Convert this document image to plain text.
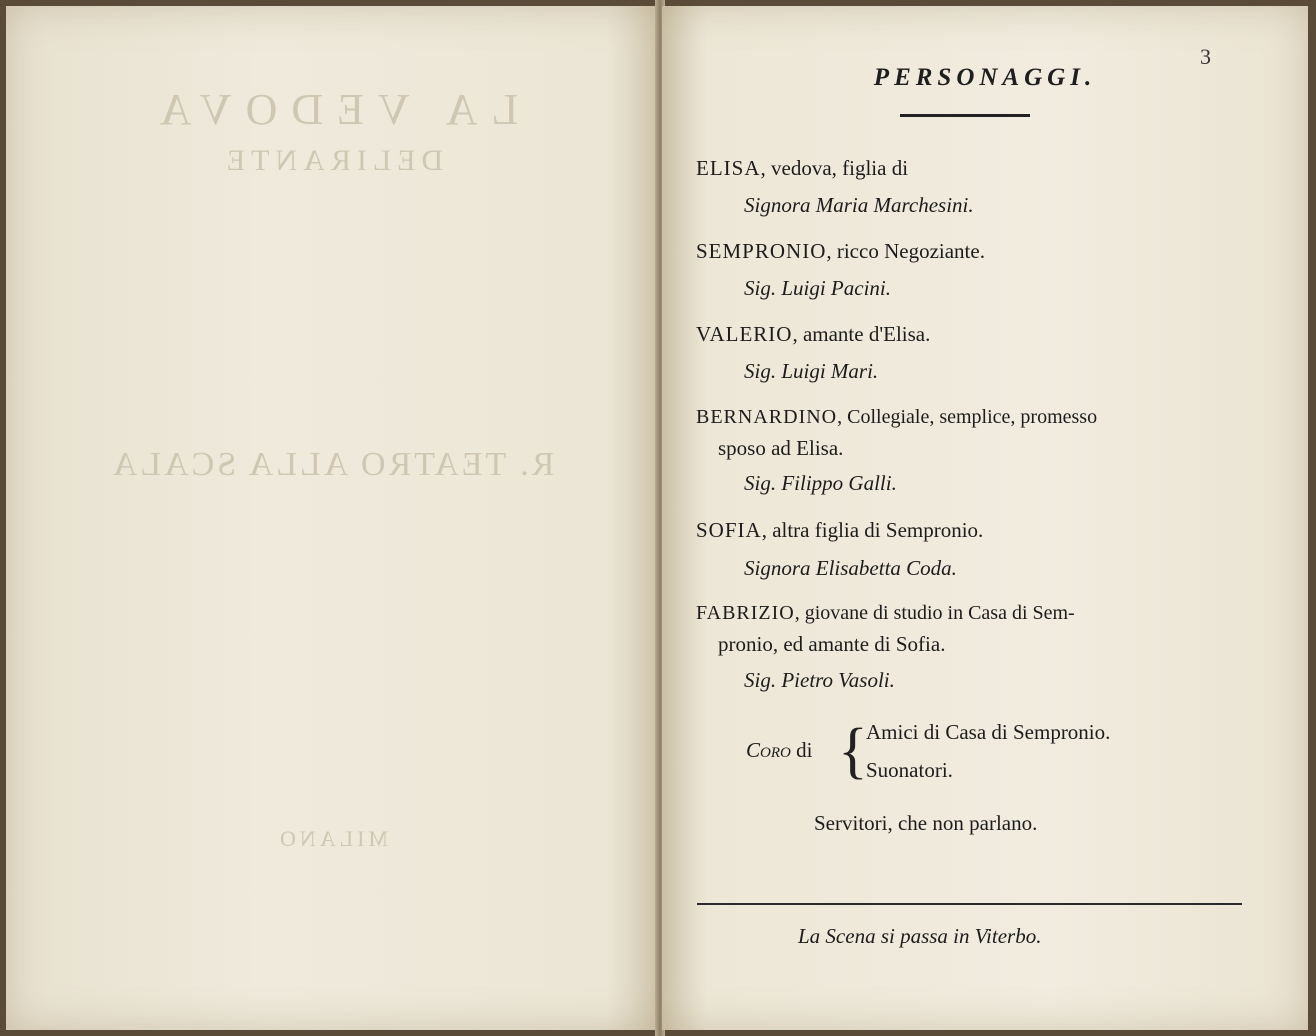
LA VEDOVA
DELIRANTE
R. TEATRO ALLA SCALA
MILANO
3
PERSONAGGI.
ELISA, vedova, figlia di
Signora Maria Marchesini.
SEMPRONIO, ricco Negoziante.
Sig. Luigi Pacini.
VALERIO, amante d'Elisa.
Sig. Luigi Mari.
BERNARDINO, Collegiale, semplice, promesso
sposo ad Elisa.
Sig. Filippo Galli.
SOFIA, altra figlia di Sempronio.
Signora Elisabetta Coda.
FABRIZIO, giovane di studio in Casa di Sem-
pronio, ed amante di Sofia.
Sig. Pietro Vasoli.
Coro di {
Amici di Casa di Sempronio.
Suonatori.
Servitori, che non parlano.
La Scena si passa in Viterbo.
